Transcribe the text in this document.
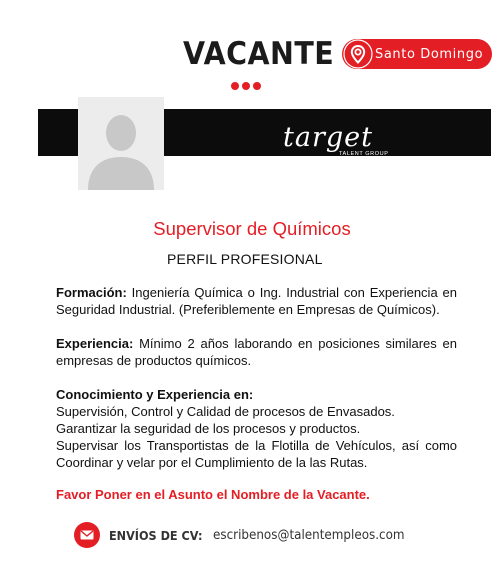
VACANTE	Santo Domingo
target
TALENT GROUP
Supervisor de Químicos
PERFIL PROFESIONAL
Formación: Ingeniería Química o Ing. Industrial con Experiencia en Seguridad Industrial. (Preferiblemente en Empresas de Químicos).
Experiencia: Mínimo 2 años laborando en posiciones similares en empresas de productos químicos.
Conocimiento y Experiencia en:
Supervisión, Control y Calidad de procesos de Envasados.
Garantizar la seguridad de los procesos y productos.
Supervisar los Transportistas de la Flotilla de Vehículos, así como
Coordinar y velar por el Cumplimiento de la las Rutas.
Favor Poner en el Asunto el Nombre de la Vacante.
ENVÍOS DE CV: escribenos@talentempleos.com
